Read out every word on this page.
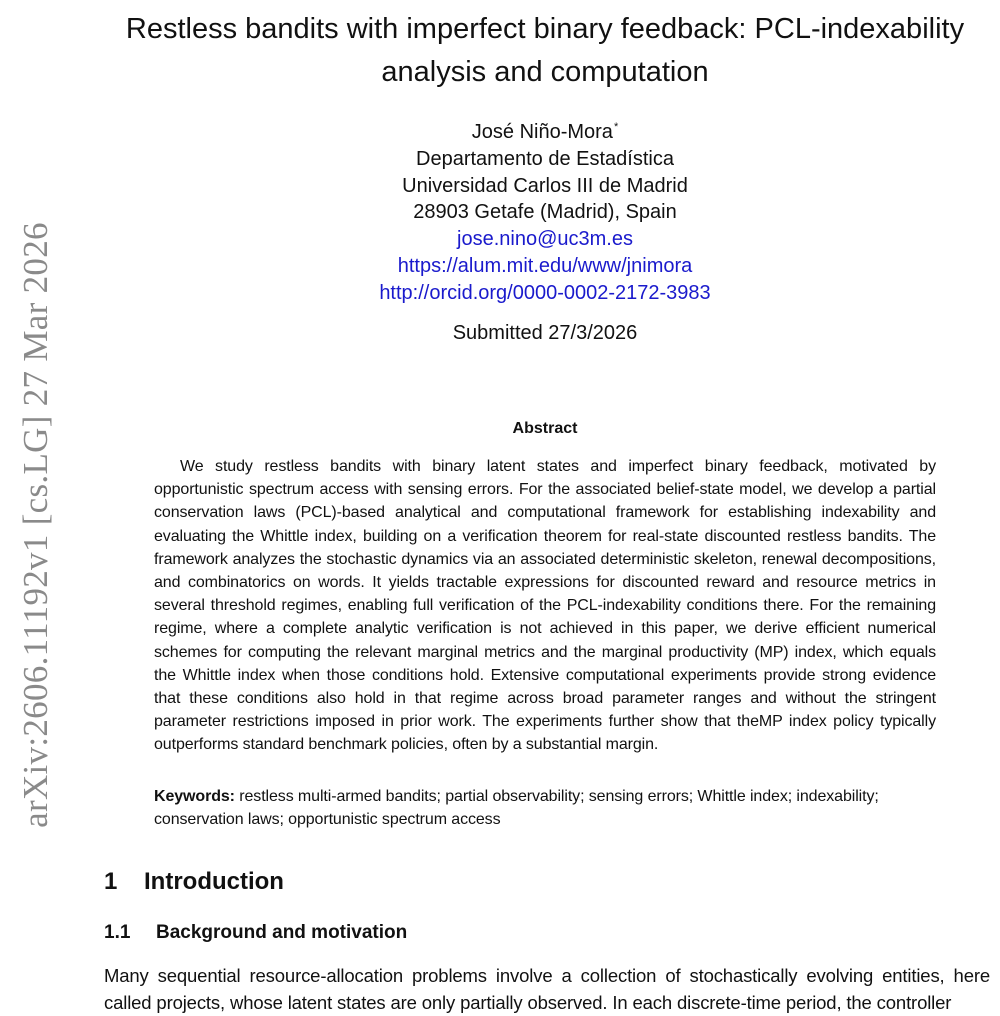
arXiv:2606.11192v1 [cs.LG] 27 Mar 2026
Restless bandits with imperfect binary feedback: PCL-indexability analysis and computation
José Niño-Mora*
Departamento de Estadística
Universidad Carlos III de Madrid
28903 Getafe (Madrid), Spain
jose.nino@uc3m.es
https://alum.mit.edu/www/jnimora
http://orcid.org/0000-0002-2172-3983
Submitted 27/3/2026
Abstract

We study restless bandits with binary latent states and imperfect binary feedback, motivated by opportunistic spectrum access with sensing errors. For the associated belief-state model, we develop a partial conservation laws (PCL)-based analytical and computational framework for establishing indexability and evaluating the Whittle index, building on a verification theorem for real-state discounted restless bandits. The framework analyzes the stochastic dynamics via an associated deterministic skeleton, renewal decompositions, and combinatorics on words. It yields tractable expressions for discounted reward and resource metrics in several threshold regimes, enabling full verification of the PCL-indexability conditions there. For the remaining regime, where a complete analytic verification is not achieved in this paper, we derive efficient numerical schemes for computing the relevant marginal metrics and the marginal productivity (MP) index, which equals the Whittle index when those conditions hold. Extensive computational experiments provide strong evidence that these conditions also hold in that regime across broad parameter ranges and without the stringent parameter restrictions imposed in prior work. The experiments further show that theMP index policy typically outperforms standard benchmark policies, often by a substantial margin.

Keywords: restless multi-armed bandits; partial observability; sensing errors; Whittle index; indexability; conservation laws; opportunistic spectrum access
1 Introduction
1.1 Background and motivation

Many sequential resource-allocation problems involve a collection of stochastically evolving entities, here called projects, whose latent states are only partially observed. In each discrete-time period, the controller
